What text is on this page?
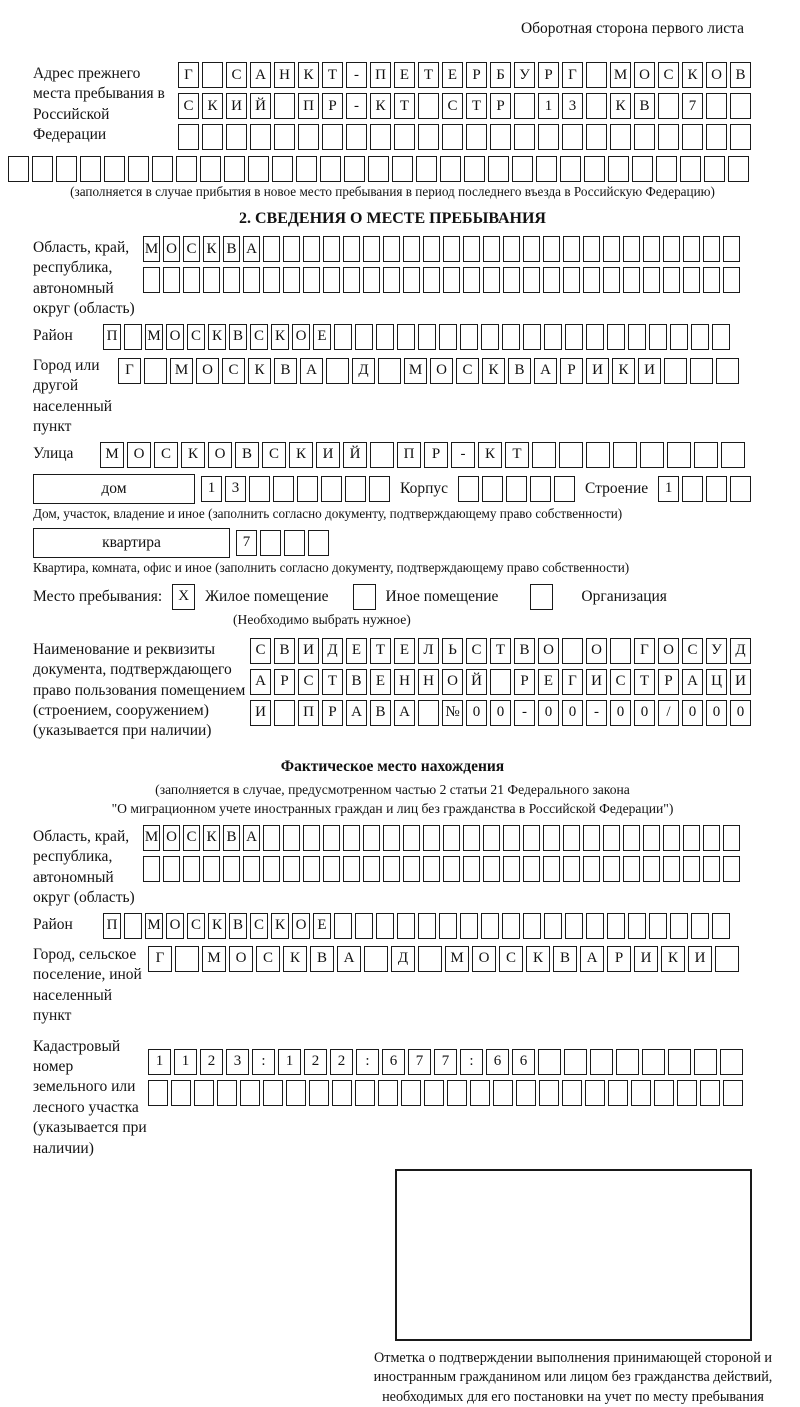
Оборотная сторона первого листа
Адрес прежнего места пребывания в Российской Федерации
Г	С А Н К Т	-	П Е Т Е	Р	Б У Р	Г	М О С К О В
С К И Й	П Р	-	К Т	С Т	Р	1	3	К В	7
(заполняется в случае прибытия в новое место пребывания в период последнего въезда в Российскую Федерацию)
2. СВЕДЕНИЯ О МЕСТЕ ПРЕБЫВАНИЯ
Область, край, республика, автономный округ (область)
М О С К В А
Район	П М О С К В С К О Е
Город или другой населенный пункт
Г	М О	С	К	В	А	Д	М О	С	К	В	А	Р	И	К	И
Улица	М О	С	К	О	В	С	К	И	Й	П	Р	-	К	Т
дом	1	3	Корпус	Строение	1
Дом, участок, владение и иное (заполнить согласно документу, подтверждающему право собственности)
квартира	7
Квартира, комната, офис и иное (заполнить согласно документу, подтверждающему право собственности)
Место пребывания:	X	Жилое помещение	Иное помещение	Организация
(Необходимо выбрать нужное)
Наименование и реквизиты документа, подтверждающего право пользования помещением (строением, сооружением) (указывается при наличии)
С В И Д Е Т Е Л Ь С Т В О	О	Г О С У Д
А Р С Т В Е Н Н О Й	Р	Е	Г И С Т	Р А Ц И
И	П Р А В А	№ 0	0	-	0	0	-	0	0	/	0	0	0
Фактическое место нахождения
(заполняется в случае, предусмотренном частью 2 статьи 21 Федерального закона
"О миграционном учете иностранных граждан и лиц без гражданства в Российской Федерации")
Область, край, республика, автономный округ (область)
М О С К В А
Район	П М О С К В С К О Е
Город, сельское поселение, иной населенный пункт
Г	М О	С	К	В	А	Д	М О	С	К	В	А	Р	И	К	И
Кадастровый номер земельного или лесного участка (указывается при наличии)
1	1	2	3	:	1	2	2	:	6	7	7	:	6	6
Отметка о подтверждении выполнения принимающей стороной и иностранным гражданином или лицом без гражданства действий, необходимых для его постановки на учет по месту пребывания
